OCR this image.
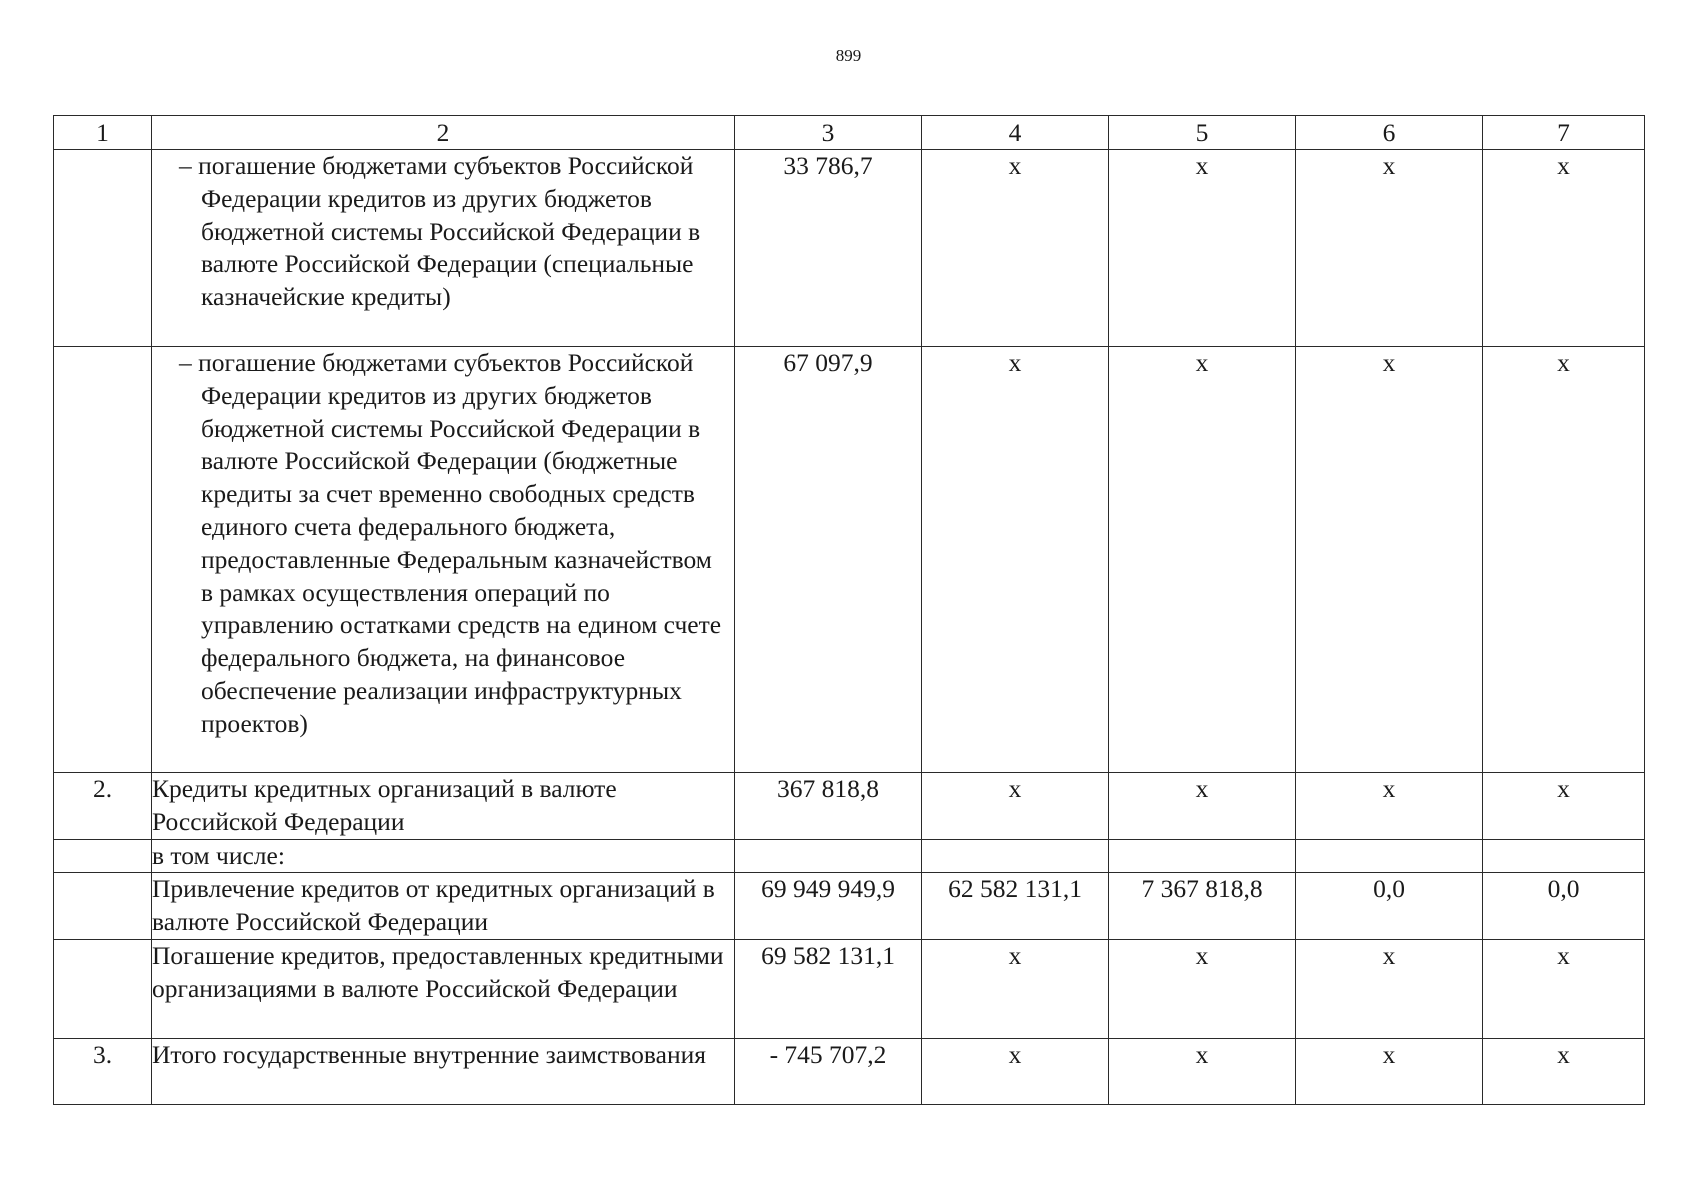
899
1	2	3	4	5	6	7

	– погашение бюджетами субъектов Российской Федерации кредитов из других бюджетов бюджетной системы Российской Федерации в валюте Российской Федерации (специальные казначейские кредиты)	33 786,7	х	х	х	х

	– погашение бюджетами субъектов Российской Федерации кредитов из других бюджетов бюджетной системы Российской Федерации в валюте Российской Федерации (бюджетные кредиты за счет временно свободных средств единого счета федерального бюджета, предоставленные Федеральным казначейством в рамках осуществления операций по управлению остатками средств на едином счете федерального бюджета, на финансовое обеспечение реализации инфраструктурных проектов)	67 097,9	х	х	х	х
2.	Кредиты кредитных организаций в валюте Российской Федерации	367 818,8	х	х	х	х
	в том числе:					
	Привлечение кредитов от кредитных организаций в валюте Российской Федерации	69 949 949,9	62 582 131,1	7 367 818,8	0,0	0,0
	Погашение кредитов, предоставленных кредитными организациями в валюте Российской Федерации	69 582 131,1	х	х	х	х
3.	Итого государственные внутренние заимствования	- 745 707,2	х	х	х	х
